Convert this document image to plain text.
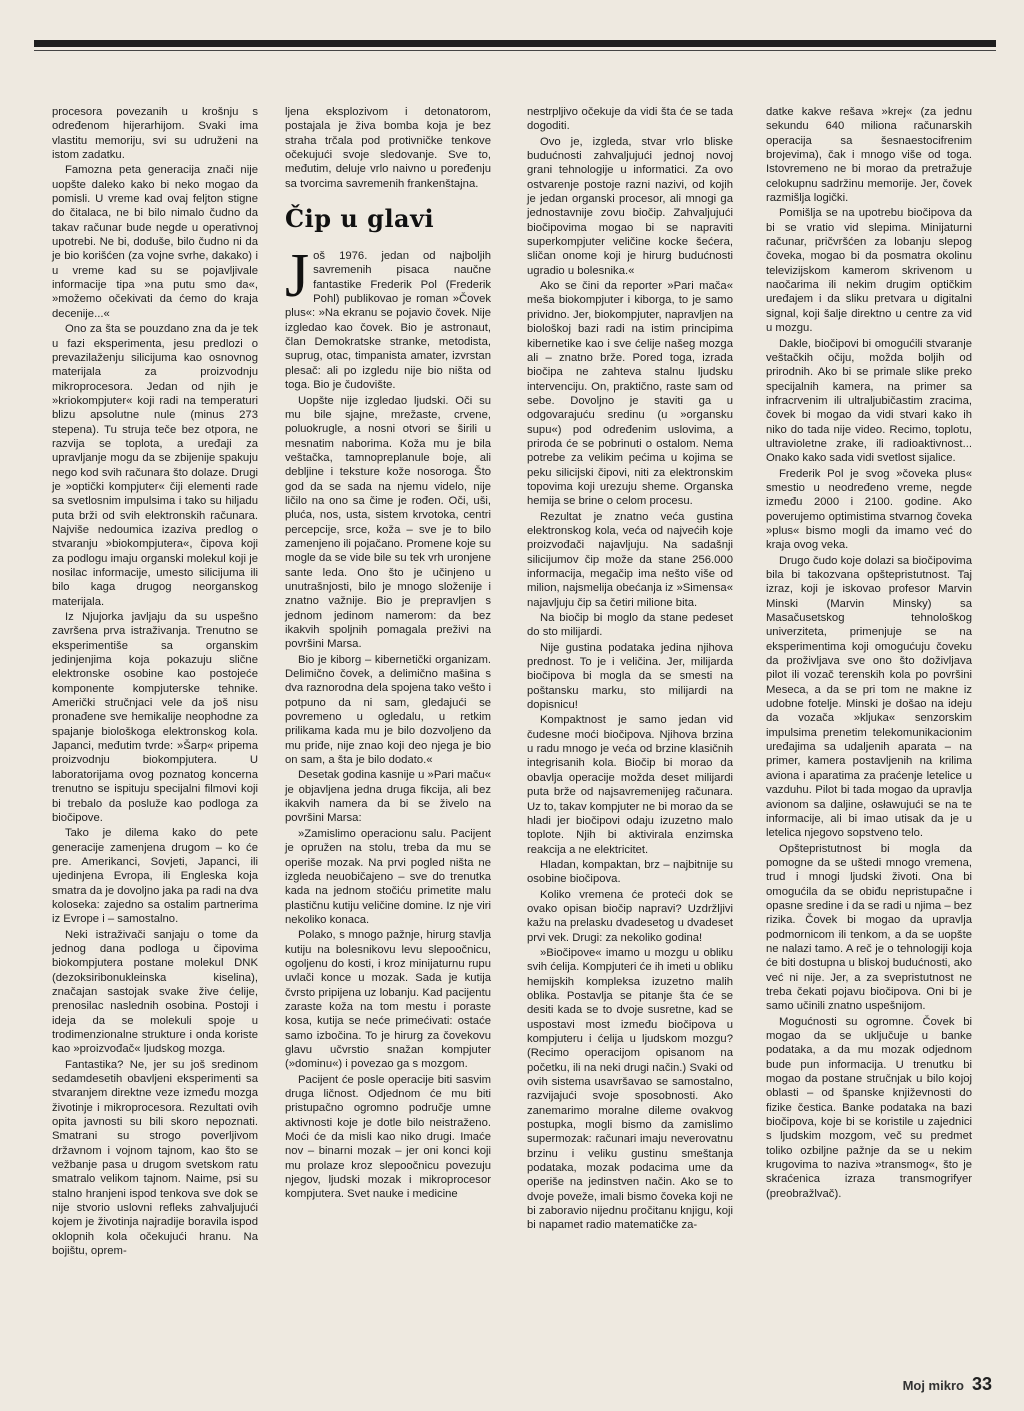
procesora povezanih u krošnju s određenom hijerarhijom. Svaki ima vlastitu memoriju, svi su udruženi na istom zadatku.

Famozna peta generacija znači nije uopšte daleko kako bi neko mogao da pomisli. U vreme kad ovaj feljton stigne do čitalaca, ne bi bilo nimalo čudno da takav računar bude negde u operativnoj upotrebi. Ne bi, doduše, bilo čudno ni da je bio korišćen (za vojne svrhe, dakako) i u vreme kad su se pojavljivale informacije tipa »na putu smo da«, »možemo očekivati da ćemo do kraja decenije...«

Ono za šta se pouzdano zna da je tek u fazi eksperimenta, jesu predlozi o prevazilaženju silicijuma kao osnovnog materijala za proizvodnju mikroprocesora. Jedan od njih je »kriokompjuter« koji radi na temperaturi blizu apsolutne nule (minus 273 stepena). Tu struja teče bez otpora, ne razvija se toplota, a uređaji za upravljanje mogu da se zbijenije spakuju nego kod svih računara što dolaze. Drugi je »optički kompjuter« čiji elementi rade sa svetlosnim impulsima i tako su hiljadu puta brži od svih elektronskih računara. Najviše nedoumica izaziva predlog o stvaranju »biokompjutera«, čipova koji za podlogu imaju organski molekul koji je nosilac informacije, umesto silicijuma ili bilo kaga drugog neorganskog materijala.

Iz Njujorka javljaju da su uspešno završena prva istraživanja. Trenutno se eksperimentiše sa organskim jedinjenjima koja pokazuju slične elektronske osobine kao postojeće komponente kompjuterske tehnike. Američki stručnjaci vele da još nisu pronađene sve hemikalije neophodne za spajanje biološkoga elektronskog kola. Japanci, međutim tvrde: »Šarp« pripema proizvodnju biokompjutera. U laboratorijama ovog poznatog koncerna trenutno se ispituju specijalni filmovi koji bi trebalo da posluže kao podloga za biočipove.

Tako je dilema kako do pete generacije zamenjena drugom – ko će pre. Amerikanci, Sovjeti, Japanci, ili ujedinjena Evropa, ili Engleska koja smatra da je dovoljno jaka pa radi na dva koloseka: zajedno sa ostalim partnerima iz Evrope i – samostalno.

Neki istraživači sanjaju o tome da jednog dana podloga u čipovima biokompjutera postane molekul DNK (dezoksiribonukleinska kiselina), značajan sastojak svake žive ćelije, prenosilac naslednih osobina. Postoji i ideja da se molekuli spoje u trodimenzionalne strukture i onda koriste kao »proizvođač« ljudskog mozga.

Fantastika? Ne, jer su još sredinom sedamdesetih obavljeni eksperimenti sa stvaranjem direktne veze između mozga životinje i mikroprocesora. Rezultati ovih opita javnosti su bili skoro nepoznati. Smatrani su strogo poverljivom državnom i vojnom tajnom, kao što se vežbanje pasa u drugom svetskom ratu smatralo velikom tajnom. Naime, psi su stalno hranjeni ispod tenkova sve dok se nije stvorio uslovni refleks zahvaljujući kojem je životinja najradije boravila ispod oklopnih kola očekujući hranu. Na bojištu, oprem-

ljena eksplozivom i detonatorom, postajala je živa bomba koja je bez straha trčala pod protivničke tenkove očekujući svoje sledovanje. Sve to, međutim, deluje vrlo naivno u poređenju sa tvorcima savremenih frankenštajna.

Čip u glavi

Još 1976. jedan od najboljih savremenih pisaca naučne fantastike Frederik Pol (Frederik Pohl) publikovao je roman »Čovek plus«: »Na ekranu se pojavio čovek. Nije izgledao kao čovek. Bio je astronaut, član Demokratske stranke, metodista, suprug, otac, timpanista amater, izvrstan plesač: ali po izgledu nije bio ništa od toga. Bio je čudovište.

Uopšte nije izgledao ljudski. Oči su mu bile sjajne, mrežaste, crvene, poluokrugle, a nosni otvori se širili u mesnatim naborima. Koža mu je bila veštačka, tamnopreplanule boje, ali debljine i teksture kože nosoroga. Što god da se sada na njemu videlo, nije ličilo na ono sa čime je rođen. Oči, uši, pluća, nos, usta, sistem krvotoka, centri percepcije, srce, koža – sve je to bilo zamenjeno ili pojačano. Promene koje su mogle da se vide bile su tek vrh uronjene sante leda. Ono što je učinjeno u unutrašnjosti, bilo je mnogo složenije i znatno važnije. Bio je prepravljen s jednom jedinom namerom: da bez ikakvih spoljnih pomagala preživi na površini Marsa.

Bio je kiborg – kibernetički organizam. Delimično čovek, a delimično mašina s dva raznorodna dela spojena tako vešto i potpuno da ni sam, gledajući se povremeno u ogledalu, u retkim prilikama kada mu je bilo dozvoljeno da mu priđe, nije znao koji deo njega je bio on sam, a šta je bilo dodato.«

Desetak godina kasnije u »Pari maču« je objavljena jedna druga fikcija, ali bez ikakvih namera da bi se živelo na površini Marsa:

»Zamislimo operacionu salu. Pacijent je opružen na stolu, treba da mu se operiše mozak. Na prvi pogled ništa ne izgleda neuobičajeno – sve do trenutka kada na jednom stočiću primetite malu plastičnu kutiju veličine domine. Iz nje viri nekoliko konaca.

Polako, s mnogo pažnje, hirurg stavlja kutiju na bolesnikovu levu slepoočnicu, ogoljenu do kosti, i kroz minijaturnu rupu uvlači konce u mozak. Sada je kutija čvrsto pripijena uz lobanju. Kad pacijentu zarastе koža na tom mestu i poraste kosa, kutija se neće primećivati: ostaće samo izbočina. To je hirurg za čovekovu glavu učvrstio snažan kompjuter (»dominu«) i povezao ga s mozgom.

Pacijent će posle operacije biti sasvim druga ličnost. Odjednom će mu biti pristupačno ogromno područje umne aktivnosti koje je dotle bilo neistraženo. Moći će da misli kao niko drugi. Imaće nov – binarni mozak – jer oni konci koji mu prolaze kroz slepoočnicu povezuju njegov, ljudski mozak i mikroprocesor kompjutera. Svet nauke i medicine

nestrpljivo očekuje da vidi šta će se tada dogoditi.

Ovo je, izgleda, stvar vrlo bliske budućnosti zahvaljujući jednoj novoj grani tehnologije u informatici. Za ovo ostvarenje postoje razni nazivi, od kojih je jedan organski procesor, ali mnogi ga jednostavnije zovu biočip. Zahvaljujući biočipovima mogao bi se napraviti superkompjuter veličine kocke šećera, sličan onome koji je hirurg budućnosti ugradio u bolesnika.«

Ako se čini da reporter »Pari mača« meša biokompjuter i kiborga, to je samo prividno. Jer, biokompjuter, napravljen na biološkoj bazi radi na istim principima kibernetike kao i sve ćelije našeg mozga ali – znatno brže. Pored toga, izrada biočipa ne zahteva stalnu ljudsku intervenciju. On, praktično, raste sam od sebe. Dovoljno je staviti ga u odgovarajuću sredinu (u »organsku supu«) pod određenim uslovima, a priroda će se pobrinuti o ostalom. Nema potrebe za velikim pećima u kojima se peku silicijski čipovi, niti za elektronskim topovima koji urezuju sheme. Organska hemija se brine o celom procesu.

Rezultat je znatno veća gustina elektronskog kola, veća od najvećih koje proizvođači najavljuju. Na sadašnji silicijumov čip može da stane 256.000 informacija, megačip ima nešto više od milion, najsmelija obećanja iz »Simensa« najavljuju čip sa četiri milione bita.

Na biočip bi moglo da stane pedeset do sto milijardi.

Nije gustina podataka jedina njihova prednost. To je i veličina. Jer, milijarda biočipova bi mogla da se smesti na poštansku marku, sto milijardi na dopisnicu!

Kompaktnost je samo jedan vid čudesne moći biočipova. Njihova brzina u radu mnogo je veća od brzine klasičnih integrisanih kola. Biočip bi morao da obavlja operacije možda deset milijardi puta brže od najsavremenijeg računara. Uz to, takav kompjuter ne bi morao da se hladi jer biočipovi odaju izuzetno malo toplote. Njih bi aktivirala enzimska reakcija a ne elektricitet.

Hladan, kompaktan, brz – najbitnije su osobine biočipova.

Koliko vremena će proteći dok se ovako opisan biočip napravi? Uzdržljivi kažu na prelasku dvadesetog u dvadeset prvi vek. Drugi: za nekoliko godina!

»Biočipove« imamo u mozgu u obliku svih ćelija. Kompjuteri će ih imeti u obliku hemijskih kompleksa izuzetno malih oblika. Postavlja se pitanje šta će se desiti kada se to dvoje susretne, kad se uspostavi most između biočipova u kompjuteru i ćelija u ljudskom mozgu? (Recimo operacijom opisanom na početku, ili na neki drugi način.) Svaki od ovih sistema usavršavao se samostalno, razvijajući svoje sposobnosti. Ako zanemarimo moralne dileme ovakvog postupka, mogli bismo da zamislimo supermozak: računari imaju neverovatnu brzinu i veliku gustinu smeštanja podataka, mozak podacima ume da operiše na jedinstven način. Ako se to dvoje poveže, imali bismo čoveka koji ne bi zaboravio nijednu pročitanu knjigu, koji bi napamet radio matematičke za-

datke kakve rešava »krej« (za jednu sekundu 640 miliona računarskih operacija sa šesnaestocifrenim brojevima), čak i mnogo više od toga. Istovremeno ne bi morao da pretražuje celokupnu sadržinu memorije. Jer, čovek razmišlja logički.

Pomišlja se na upotrebu biočipova da bi se vratio vid slepima. Minijaturni računar, pričvršćen za lobanju slepog čoveka, mogao bi da posmatra okolinu televizijskom kamerom skrivenom u naočarima ili nekim drugim optičkim uređajem i da sliku pretvara u digitalni signal, koji šalje direktno u centre za vid u mozgu.

Dakle, biočipovi bi omogućili stvaranje veštačkih očiju, možda boljih od prirodnih. Ako bi se primale slike preko specijalnih kamera, na primer sa infracrvenim ili ultraljubičastim zracima, čovek bi mogao da vidi stvari kako ih niko do tada nije video. Recimo, toplotu, ultravioletne zrake, ili radioaktivnost... Onako kako sada vidi svetlost sijalice.

Frederik Pol je svog »čoveka plus« smestio u neodređeno vreme, negde između 2000 i 2100. godine. Ako poverujemo optimistima stvarnog čoveka »plus« bismo mogli da imamo već do kraja ovog veka.

Drugo čudo koje dolazi sa biočipovima bila bi takozvana opštepristutnost. Taj izraz, koji je iskovao profesor Marvin Minski (Marvin Minsky) sa Masačusetskog tehnološkog univerziteta, primenjuje se na eksperimentima koji omogućuju čoveku da proživljava sve ono što doživljava pilot ili vozač terenskih kola po površini Meseca, a da se pri tom ne makne iz udobne fotelje. Minski je došao na ideju da vozača »kljuka« senzorskim impulsima prenetim telekomunikacionim uređajima sa udaljenih aparata – na primer, kamera postavljenih na krilima aviona i aparatima za praćenje letelice u vazduhu. Pilot bi tada mogao da upravlja avionom sa daljine, osławujući se na te informacije, ali bi imao utisak da je u letelica njegovo sopstveno telo.

Opštepristutnost bi mogla da pomogne da se uštedi mnogo vremena, trud i mnogi ljudski životi. Ona bi omogućila da se obiđu nepristupačne i opasne sredine i da se radi u njima – bez rizika. Čovek bi mogao da upravlja podmornicom ili tenkom, a da se uopšte ne nalazi tamo. A reč je o tehnologiji koja će biti dostupna u bliskoj budućnosti, ako već ni nije. Jer, a za svepristutnost ne treba čekati pojavu biočipova. Oni bi je samo učinili znatno uspešnijom.

Mogućnosti su ogromne. Čovek bi mogao da se uključuje u banke podataka, a da mu mozak odjednom bude pun informacija. U trenutku bi mogao da postane stručnjak u bilo kojoj oblasti – od španske književnosti do fizike čestica. Banke podataka na bazi biočipova, koje bi se koristile u zajednici s ljudskim mozgom, več su predmet toliko ozbiljne pažnje da se u nekim krugovima to naziva »transmog«, što je skraćenica izraza transmogrifyer (preobražlvač).

Moj mikro 33
